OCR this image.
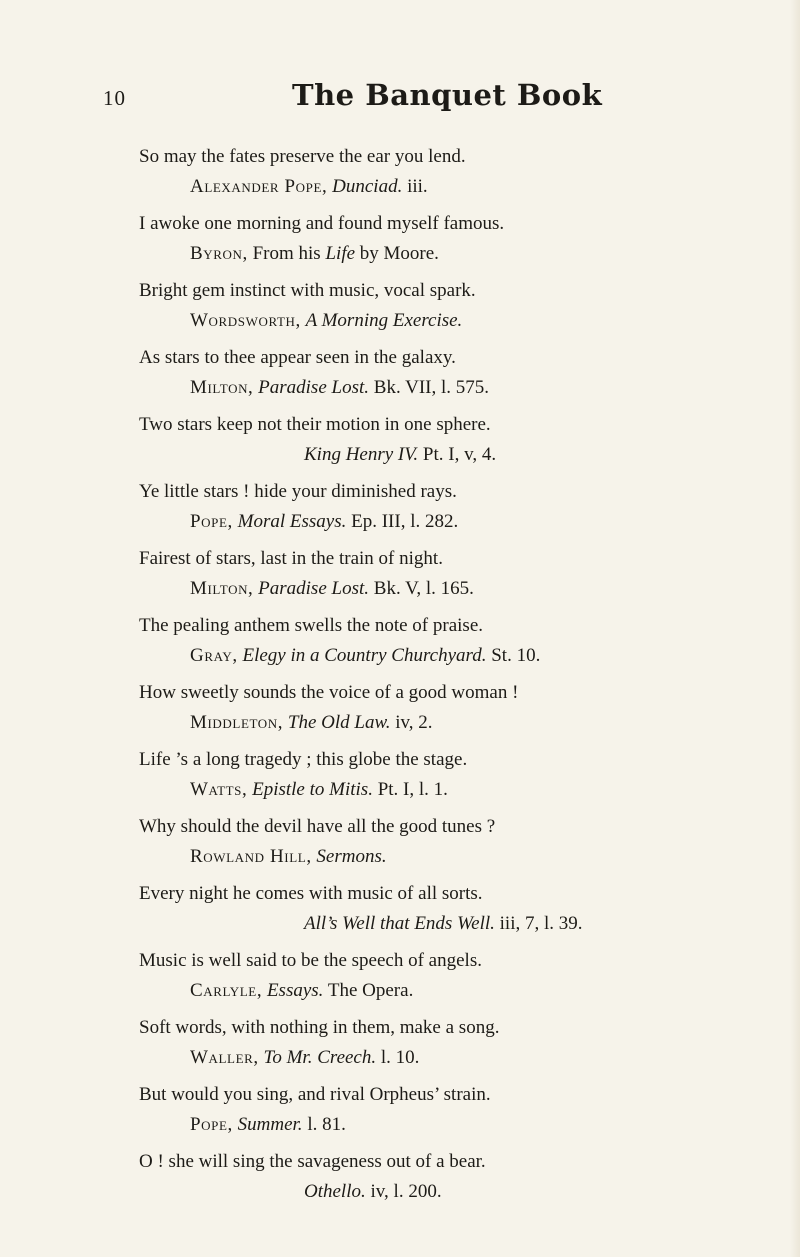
10	The Banquet Book
So may the fates preserve the ear you lend.
Alexander Pope, Dunciad. iii.
I awoke one morning and found myself famous.
Byron, From his Life by Moore.
Bright gem instinct with music, vocal spark.
Wordsworth, A Morning Exercise.
As stars to thee appear seen in the galaxy.
Milton, Paradise Lost. Bk. VII, l. 575.
Two stars keep not their motion in one sphere.
King Henry IV. Pt. I, v, 4.
Ye little stars ! hide your diminished rays.
Pope, Moral Essays. Ep. III, l. 282.
Fairest of stars, last in the train of night.
Milton, Paradise Lost. Bk. V, l. 165.
The pealing anthem swells the note of praise.
Gray, Elegy in a Country Churchyard. St. 10.
How sweetly sounds the voice of a good woman !
Middleton, The Old Law. iv, 2.
Life ’s a long tragedy ; this globe the stage.
Watts, Epistle to Mitis. Pt. I, l. 1.
Why should the devil have all the good tunes ?
Rowland Hill, Sermons.
Every night he comes with music of all sorts.
All’s Well that Ends Well. iii, 7, l. 39.
Music is well said to be the speech of angels.
Carlyle, Essays. The Opera.
Soft words, with nothing in them, make a song.
Waller, To Mr. Creech. l. 10.
But would you sing, and rival Orpheus’ strain.
Pope, Summer. l. 81.
O ! she will sing the savageness out of a bear.
Othello. iv, l. 200.
